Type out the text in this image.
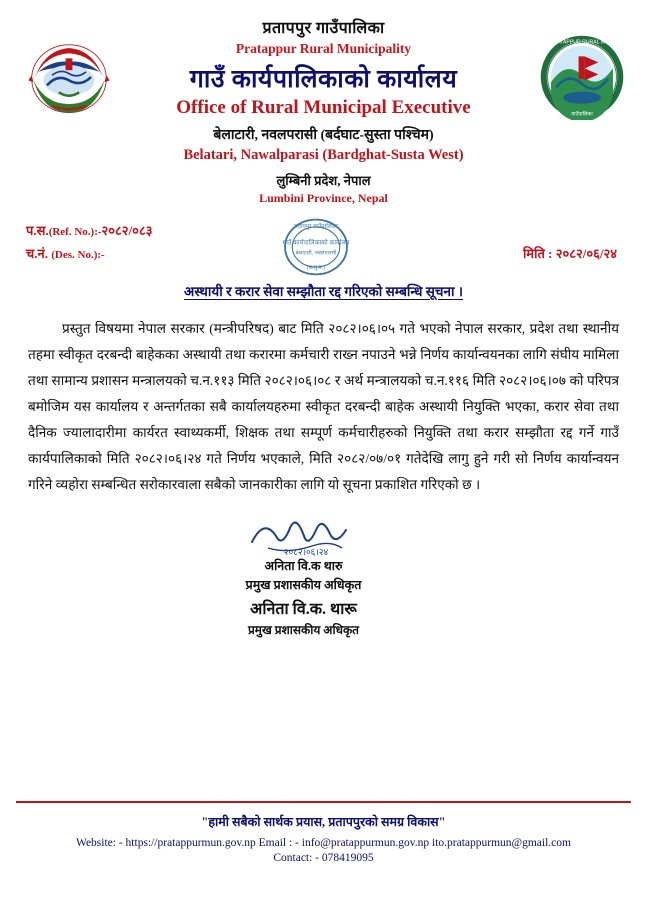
PRATAPPUR RURAL MUN.
गाउँपालिका
प्रतापपुर गाउँपालिका
Pratappur Rural Municipality
गाउँ कार्यपालिकाको कार्यालय
Office of Rural Municipal Executive
बेलाटारी, नवलपरासी (बर्दघाट-सुस्ता पश्चिम)
Belatari, Nawalparasi (Bardghat-Susta West)
लुम्बिनी प्रदेश, नेपाल
Lumbini Province, Nepal
प.स.(Ref. No.):-२०८२/०८३
च.नं. (Des. No.):-
प्रतापपुर गाउँपालिका
गाउँ कार्यपालिकाको कार्यालय
बेलाटारी, नवलपरासी
(ब.सु.प.)
मिति : २०८२/०६/२४
अस्थायी र करार सेवा सम्झौता रद्द गरिएको सम्बन्धि सूचना ।
प्रस्तुत विषयमा नेपाल सरकार (मन्त्रीपरिषद) बाट मिति २०८२।०६।०५ गते भएको नेपाल सरकार, प्रदेश तथा स्थानीय तहमा स्वीकृत दरबन्दी बाहेकका अस्थायी तथा करारमा कर्मचारी राख्न नपाउने भन्ने निर्णय कार्यान्वयनका लागि संघीय मामिला तथा सामान्य प्रशासन मन्त्रालयको च.न.११३ मिति २०८२।०६।०८ र अर्थ मन्त्रालयको च.न.११६ मिति २०८२।०६।०७ को परिपत्र बमोजिम यस कार्यालय र अन्तर्गतका सबै कार्यालयहरुमा स्वीकृत दरबन्दी बाहेक अस्थायी नियुक्ति भएका, करार सेवा तथा दैनिक ज्यालादारीमा कार्यरत स्वाथ्यकर्मी, शिक्षक तथा सम्पूर्ण कर्मचारीहरुको नियुक्ति तथा करार सम्झौता रद्द गर्ने गाउँ कार्यपालिकाको मिति २०८२।०६।२४ गते निर्णय भएकाले, मिति २०८२/०७/०१ गतेदेखि लागु हुने गरी सो निर्णय कार्यान्वयन गरिने व्यहोरा सम्बन्धित सरोकारवाला सबैको जानकारीका लागि यो सूचना प्रकाशित गरिएको छ ।
२०८२।०६।२४
अनिता वि.क थारु
प्रमुख प्रशासकीय अधिकृत
अनिता वि.क. थारू
प्रमुख प्रशासकीय अधिकृत
"हामी सबैको सार्थक प्रयास, प्रतापपुरको समग्र विकास"
Website: - https://pratappurmun.gov.np Email : - info@pratappurmun.gov.np ito.pratappurmun@gmail.com
Contact: - 078419095
